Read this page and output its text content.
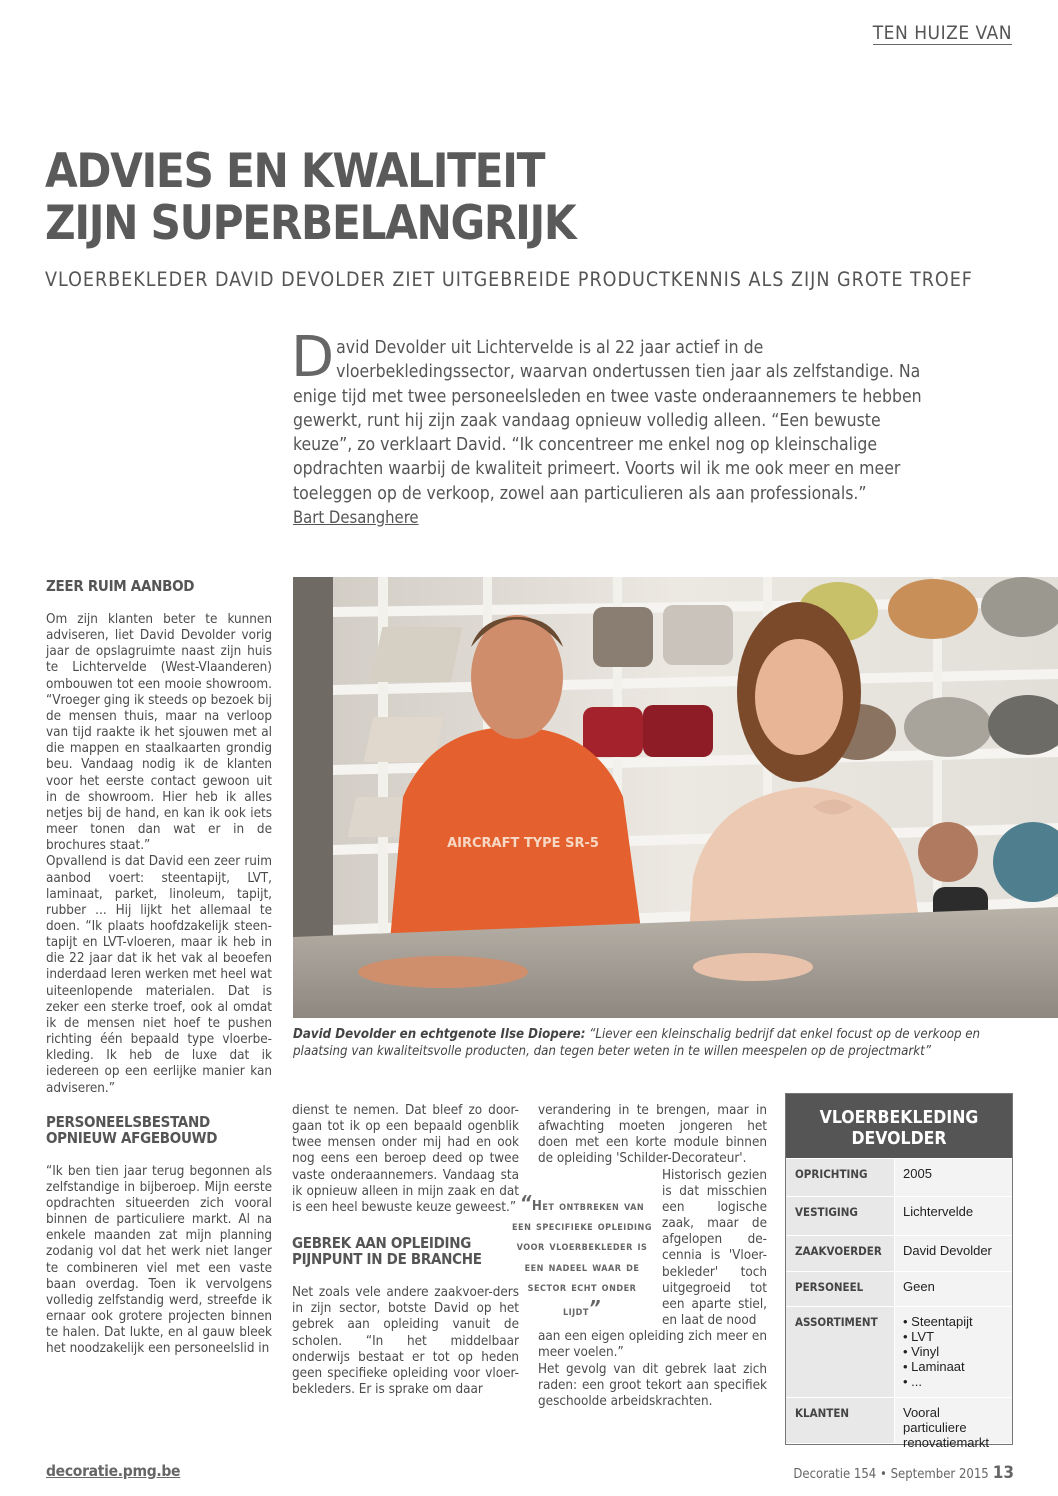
TEN HUIZE VAN
ADVIES EN KWALITEIT
ZIJN SUPERBELANGRIJK
VLOERBEKLEDER DAVID DEVOLDER ZIET UITGEBREIDE PRODUCTKENNIS ALS ZIJN GROTE TROEF
D avid Devolder uit Lichtervelde is al 22 jaar actief in de vloerbekledingssector, waarvan ondertussen tien jaar als zelfstandige. Na enige tijd met twee personeelsleden en twee vaste onderaannemers te hebben gewerkt, runt hij zijn zaak vandaag opnieuw volledig alleen. “Een bewuste keuze”, zo verklaart David. “Ik concentreer me enkel nog op kleinschalige opdrachten waarbij de kwaliteit primeert. Voorts wil ik me ook meer en meer toeleggen op de verkoop, zowel aan particulieren als aan professionals.”
Bart Desanghere
ZEER RUIM AANBOD

Om zijn klanten beter te kunnen adviseren, liet David Devolder vorig jaar de opslagruimte naast zijn huis te Lichtervelde (West-Vlaanderen) ombouwen tot een mooie showroom. “Vroeger ging ik steeds op bezoek bij de mensen thuis, maar na verloop van tijd raakte ik het sjouwen met al die mappen en staalkaarten grondig beu. Vandaag nodig ik de klanten voor het eerste contact gewoon uit in de showroom. Hier heb ik alles netjes bij de hand, en kan ik ook iets meer tonen dan wat er in de brochures staat.”

Opvallend is dat David een zeer ruim aanbod voert: steentapijt, LVT, laminaat, parket, linoleum, tapijt, rubber ... Hij lijkt het allemaal te doen. “Ik plaats hoofdzakelijk steen-tapijt en LVT-vloeren, maar ik heb in die 22 jaar dat ik het vak al beoefen inderdaad leren werken met heel wat uiteenlopende materialen. Dat is zeker een sterke troef, ook al omdat ik de mensen niet hoef te pushen richting één bepaald type vloerbe-kleding. Ik heb de luxe dat ik iedereen op een eerlijke manier kan adviseren.”

PERSONEELSBESTAND
OPNIEUW AFGEBOUWD

“Ik ben tien jaar terug begonnen als zelfstandige in bijberoep. Mijn eerste opdrachten situeerden zich vooral binnen de particuliere markt. Al na enkele maanden zat mijn planning zodanig vol dat het werk niet langer te combineren viel met een vaste baan overdag. Toen ik vervolgens volledig zelfstandig werd, streefde ik ernaar ook grotere projecten binnen te halen. Dat lukte, en al gauw bleek het noodzakelijk een personeelslid in

AIRCRAFT TYPE SR-5
David Devolder en echtgenote Ilse Diopere: “Liever een kleinschalig bedrijf dat enkel focust op de verkoop en plaatsing van kwaliteitsvolle producten, dan tegen beter weten in te willen meespelen op de projectmarkt”

dienst te nemen. Dat bleef zo door-gaan tot ik op een bepaald ogenblik twee mensen onder mij had en ook nog eens een beroep deed op twee vaste onderaannemers. Vandaag sta ik opnieuw alleen in mijn zaak en dat is een heel bewuste keuze geweest.”

GEBREK AAN OPLEIDING
PIJNPUNT IN DE BRANCHE

Net zoals vele andere zaakvoer-ders in zijn sector, botste David op het gebrek aan opleiding vanuit de scholen. “In het middelbaar onderwijs bestaat er tot op heden geen specifieke opleiding voor vloer-bekleders. Er is sprake om daar

verandering in te brengen, maar in afwachting moeten jongeren het doen met een korte module binnen de opleiding 'Schilder-Decorateur'.

Historisch gezien is dat misschien een logische zaak, maar de afgelopen de-cennia is 'Vloer-bekleder' toch uitgegroeid tot een aparte stiel, en laat de nood

aan een eigen opleiding zich meer en meer voelen.”

Het gevolg van dit gebrek laat zich raden: een groot tekort aan specifiek geschoolde arbeidskrachten.

“Het ontbreken van een specifieke opleiding voor vloerbekleder is een nadeel waar de sector echt onder lijdt”
VLOERBEKLEDING
DEVOLDER
OPRICHTING	2005
VESTIGING	Lichtervelde
ZAAKVOERDER	David Devolder
PERSONEEL	Geen
ASSORTIMENT	• Steentapijt
• LVT
• Vinyl
• Laminaat
• ...
KLANTEN	Vooral particuliere renovatiemarkt
decoratie.pmg.be	Decoratie 154 • September 2015 13
